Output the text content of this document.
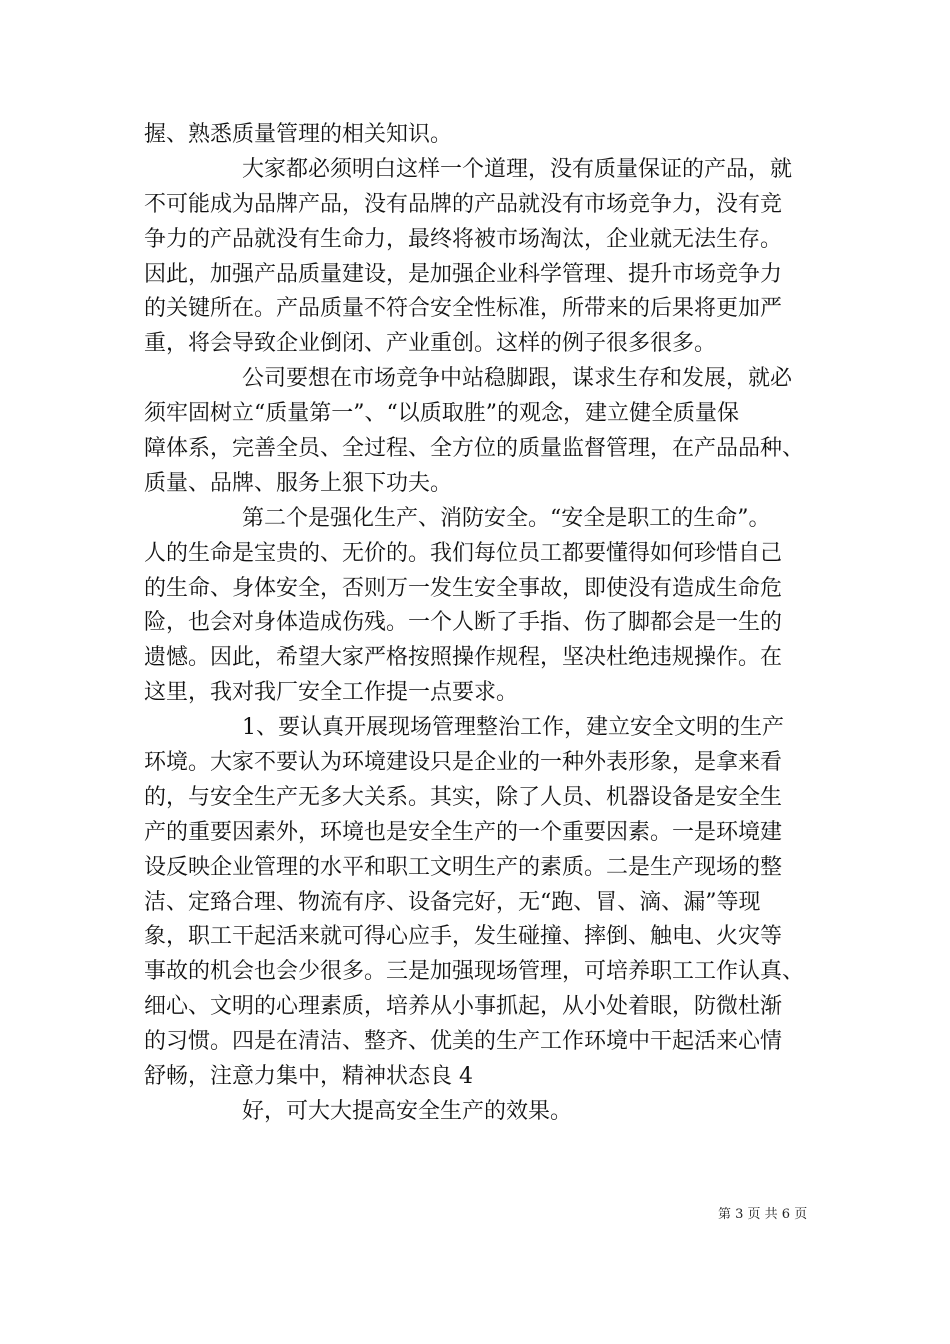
握、熟悉质量管理的相关知识。
大家都必须明白这样一个道理，没有质量保证的产品，就
不可能成为品牌产品，没有品牌的产品就没有市场竞争力，没有竞
争力的产品就没有生命力，最终将被市场淘汰，企业就无法生存。
因此，加强产品质量建设，是加强企业科学管理、提升市场竞争力
的关键所在。产品质量不符合安全性标准，所带来的后果将更加严
重，将会导致企业倒闭、产业重创。这样的例子很多很多。
公司要想在市场竞争中站稳脚跟，谋求生存和发展，就必
须牢固树立“质量第一”、“以质取胜”的观念，建立健全质量保
障体系，完善全员、全过程、全方位的质量监督管理，在产品品种、
质量、品牌、服务上狠下功夫。
第二个是强化生产、消防安全。“安全是职工的生命”。
人的生命是宝贵的、无价的。我们每位员工都要懂得如何珍惜自己
的生命、身体安全，否则万一发生安全事故，即使没有造成生命危
险，也会对身体造成伤残。一个人断了手指、伤了脚都会是一生的
遗憾。因此，希望大家严格按照操作规程，坚决杜绝违规操作。在
这里，我对我厂安全工作提一点要求。
1、要认真开展现场管理整治工作，建立安全文明的生产
环境。大家不要认为环境建设只是企业的一种外表形象，是拿来看
的，与安全生产无多大关系。其实，除了人员、机器设备是安全生
产的重要因素外，环境也是安全生产的一个重要因素。一是环境建
设反映企业管理的水平和职工文明生产的素质。二是生产现场的整
洁、定臵合理、物流有序、设备完好，无“跑、冒、滴、漏”等现
象，职工干起活来就可得心应手，发生碰撞、摔倒、触电、火灾等
事故的机会也会少很多。三是加强现场管理，可培养职工工作认真、
细心、文明的心理素质，培养从小事抓起，从小处着眼，防微杜渐
的习惯。四是在清洁、整齐、优美的生产工作环境中干起活来心情
舒畅，注意力集中，精神状态良 4
好，可大大提高安全生产的效果。
第 3 页 共 6 页
